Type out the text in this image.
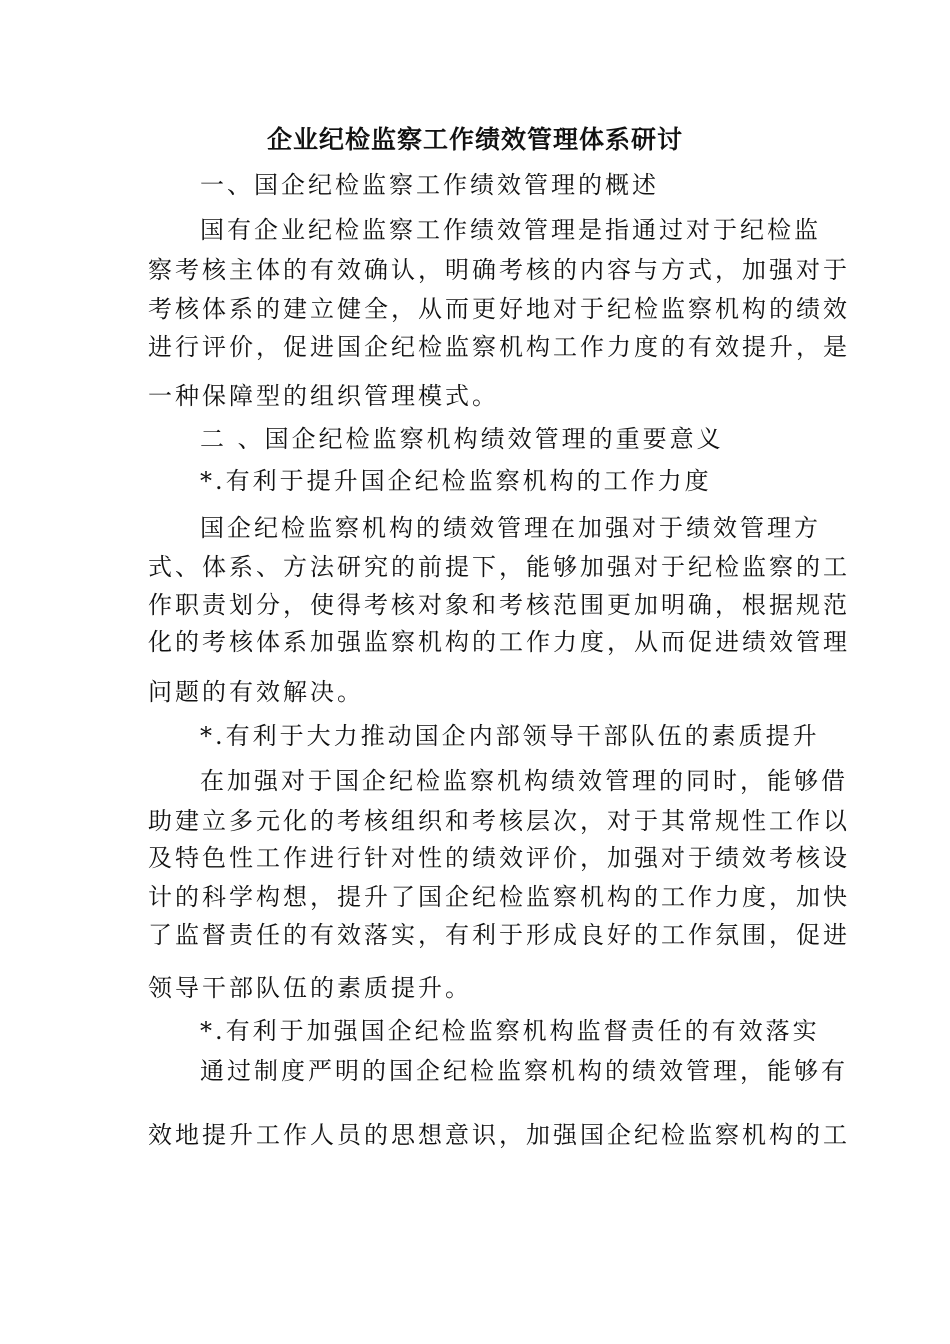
企业纪检监察工作绩效管理体系研讨
一、国企纪检监察工作绩效管理的概述
国有企业纪检监察工作绩效管理是指通过对于纪检监
察考核主体的有效确认，明确考核的内容与方式，加强对于
考核体系的建立健全，从而更好地对于纪检监察机构的绩效
进行评价，促进国企纪检监察机构工作力度的有效提升，是
一种保障型的组织管理模式。
二 、国企纪检监察机构绩效管理的重要意义
*.有利于提升国企纪检监察机构的工作力度
国企纪检监察机构的绩效管理在加强对于绩效管理方
式、体系、方法研究的前提下，能够加强对于纪检监察的工
作职责划分，使得考核对象和考核范围更加明确，根据规范
化的考核体系加强监察机构的工作力度，从而促进绩效管理
问题的有效解决。
*.有利于大力推动国企内部领导干部队伍的素质提升
在加强对于国企纪检监察机构绩效管理的同时，能够借
助建立多元化的考核组织和考核层次，对于其常规性工作以
及特色性工作进行针对性的绩效评价，加强对于绩效考核设
计的科学构想，提升了国企纪检监察机构的工作力度，加快
了监督责任的有效落实，有利于形成良好的工作氛围，促进
领导干部队伍的素质提升。
*.有利于加强国企纪检监察机构监督责任的有效落实
通过制度严明的国企纪检监察机构的绩效管理，能够有
效地提升工作人员的思想意识，加强国企纪检监察机构的工
